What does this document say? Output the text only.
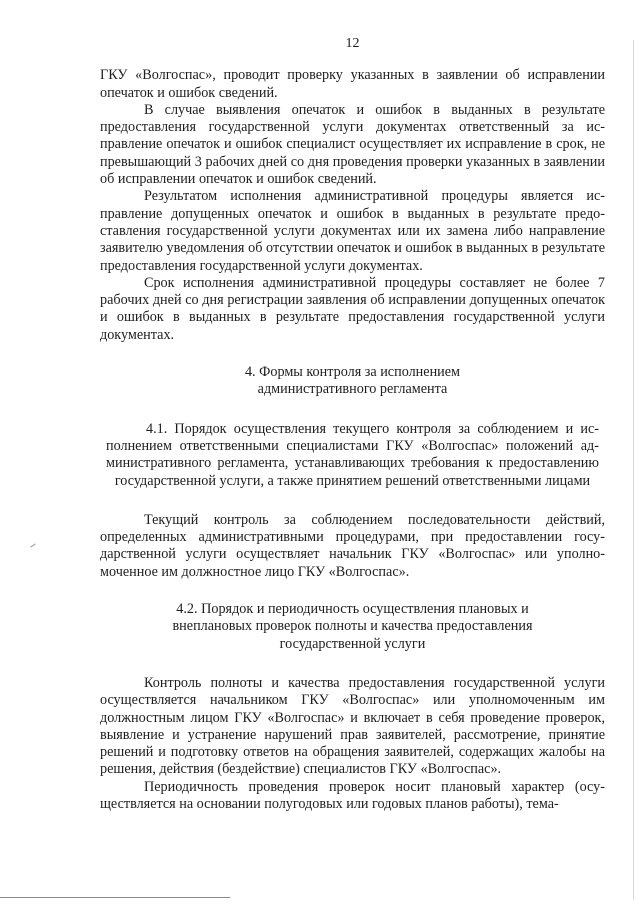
12

ГКУ «Волгоспас», проводит проверку указанных в заявлении об исправлении опечаток и ошибок сведений.

В случае выявления опечаток и ошибок в выданных в результате предоставления государственной услуги документах ответственный за исправление опечаток и ошибок специалист осуществляет их исправление в срок, не превышающий 3 рабочих дней со дня проведения проверки указанных в заявлении об исправлении опечаток и ошибок сведений.

Результатом исполнения административной процедуры является исправление допущенных опечаток и ошибок в выданных в результате предоставления государственной услуги документах или их замена либо направление заявителю уведомления об отсутствии опечаток и ошибок в выданных в результате предоставления государственной услуги документах.

Срок исполнения административной процедуры составляет не более 7 рабочих дней со дня регистрации заявления об исправлении допущенных опечаток и ошибок в выданных в результате предоставления государственной услуги документах.

4. Формы контроля за исполнением

административного регламента

4.1. Порядок осуществления текущего контроля за соблюдением и исполнением ответственными специалистами ГКУ «Волгоспас» положений административного регламента, устанавливающих требования к предоставлению государственной услуги, а также принятием решений ответственными лицами

Текущий контроль за соблюдением последовательности действий, определенных административными процедурами, при предоставлении государственной услуги осуществляет начальник ГКУ «Волгоспас» или уполномоченное им должностное лицо ГКУ «Волгоспас».

4.2. Порядок и периодичность осуществления плановых и внеплановых проверок полноты и качества предоставления государственной услуги

Контроль полноты и качества предоставления государственной услуги осуществляется начальником ГКУ «Волгоспас» или уполномоченным им должностным лицом ГКУ «Волгоспас» и включает в себя проведение проверок, выявление и устранение нарушений прав заявителей, рассмотрение, принятие решений и подготовку ответов на обращения заявителей, содержащих жалобы на решения, действия (бездействие) специалистов ГКУ «Волгоспас».

Периодичность проведения проверок носит плановый характер (осуществляется на основании полугодовых или годовых планов работы), тема-
